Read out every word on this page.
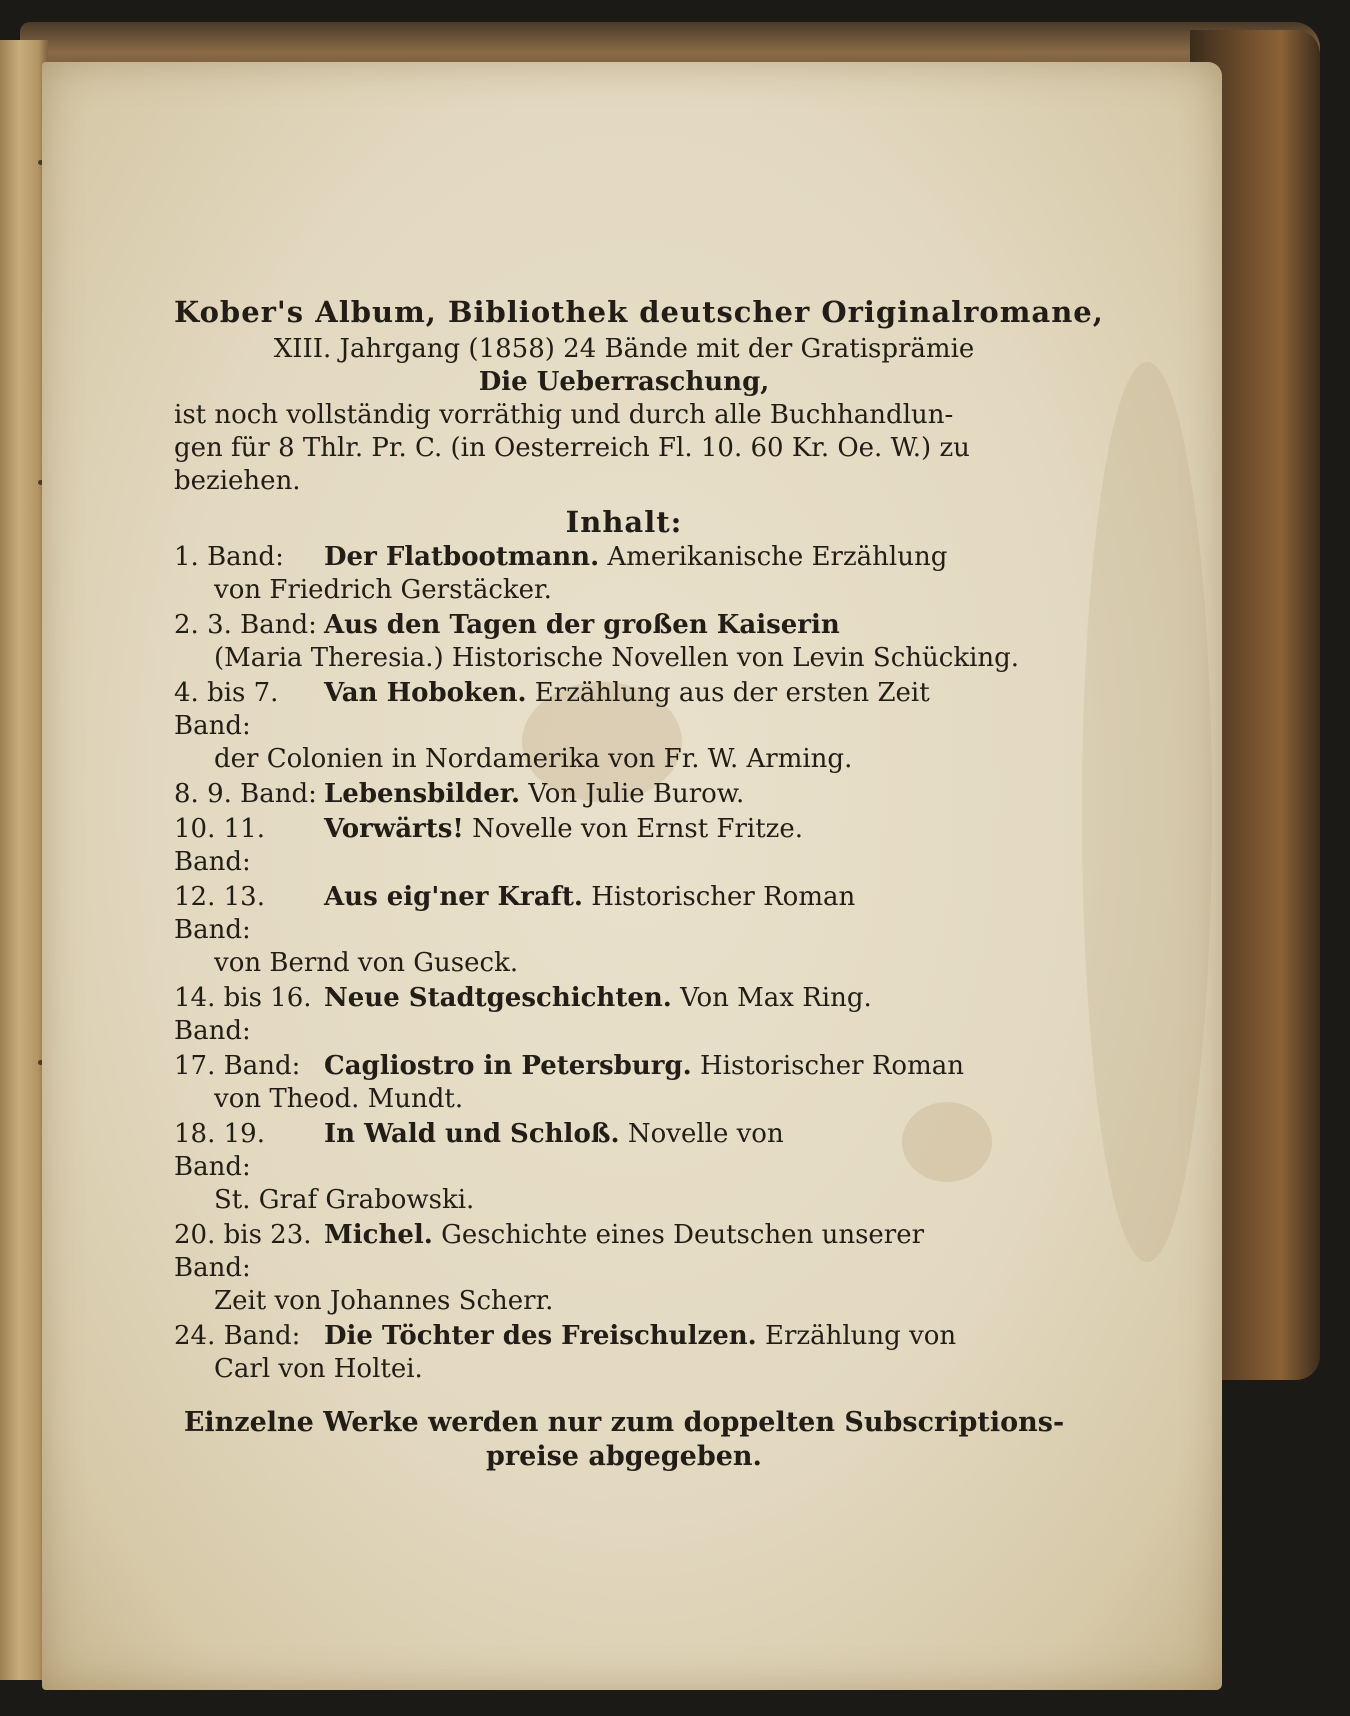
Kober's Album, Bibliothek deutscher Originalromane,
XIII. Jahrgang (1858) 24 Bände mit der Gratisprämie
Die Ueberraschung,
ist noch vollständig vorräthig und durch alle Buchhandlun-
gen für 8 Thlr. Pr. C. (in Oesterreich Fl. 10. 60 Kr. Oe. W.) zu
beziehen.
Inhalt:
1. Band:	Der Flatbootmann. Amerikanische Erzählung
von Friedrich Gerstäcker.
2. 3. Band: Aus den Tagen der großen Kaiserin
(Maria Theresia.) Historische Novellen von Levin Schücking.
4. bis 7. Band:
Van Hoboken. Erzählung aus der ersten Zeit
der Colonien in Nordamerika von Fr. W. Arming.
8. 9. Band: Lebensbilder. Von Julie Burow.
10. 11. Band:
Vorwärts! Novelle von Ernst Fritze.
12. 13. Band:
Aus eig'ner Kraft. Historischer Roman
von Bernd von Guseck.
14. bis 16. Band:
Neue Stadtgeschichten. Von Max Ring.
17. Band: Cagliostro in Petersburg. Historischer Roman
von Theod. Mundt.
18. 19. Band:
In Wald und Schloß. Novelle von
St. Graf Grabowski.
20. bis 23. Band:
Michel. Geschichte eines Deutschen unserer
Zeit von Johannes Scherr.
24. Band: Die Töchter des Freischulzen. Erzählung von
Carl von Holtei.
Einzelne Werke werden nur zum doppelten Subscriptions-
preise abgegeben.
